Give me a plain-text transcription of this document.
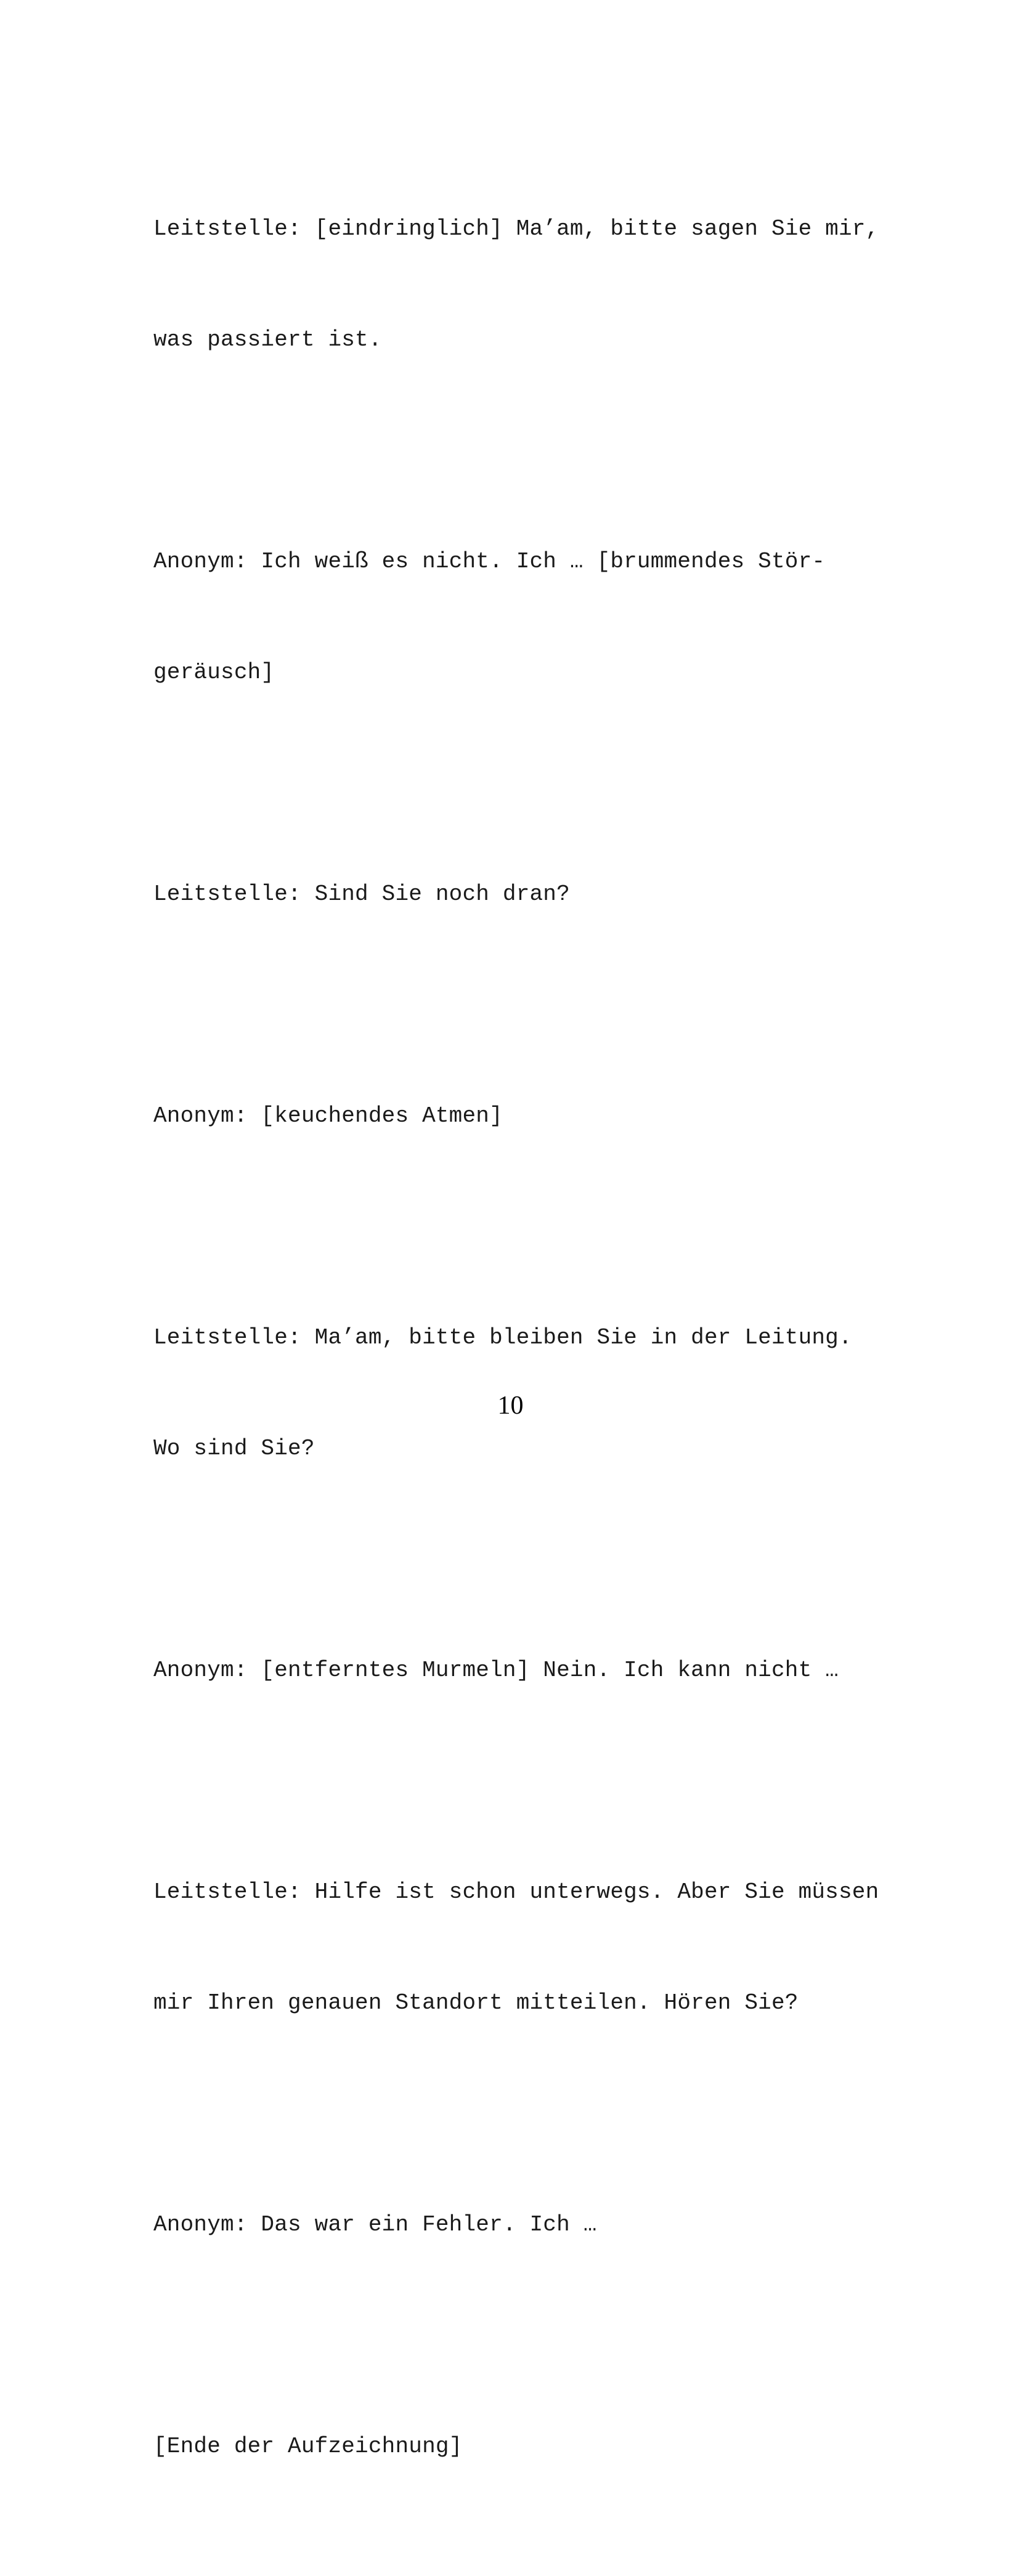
Leitstelle: [eindringlich] Ma’am, bitte sagen Sie mir,

was passiert ist.

Anonym: Ich weiß es nicht. Ich … [brummendes Stör-

geräusch]

Leitstelle: Sind Sie noch dran?

Anonym: [keuchendes Atmen]

Leitstelle: Ma’am, bitte bleiben Sie in der Leitung.

Wo sind Sie?

Anonym: [entferntes Murmeln] Nein. Ich kann nicht …

Leitstelle: Hilfe ist schon unterwegs. Aber Sie müssen

mir Ihren genauen Standort mitteilen. Hören Sie?

Anonym: Das war ein Fehler. Ich …

[Ende der Aufzeichnung]

10
